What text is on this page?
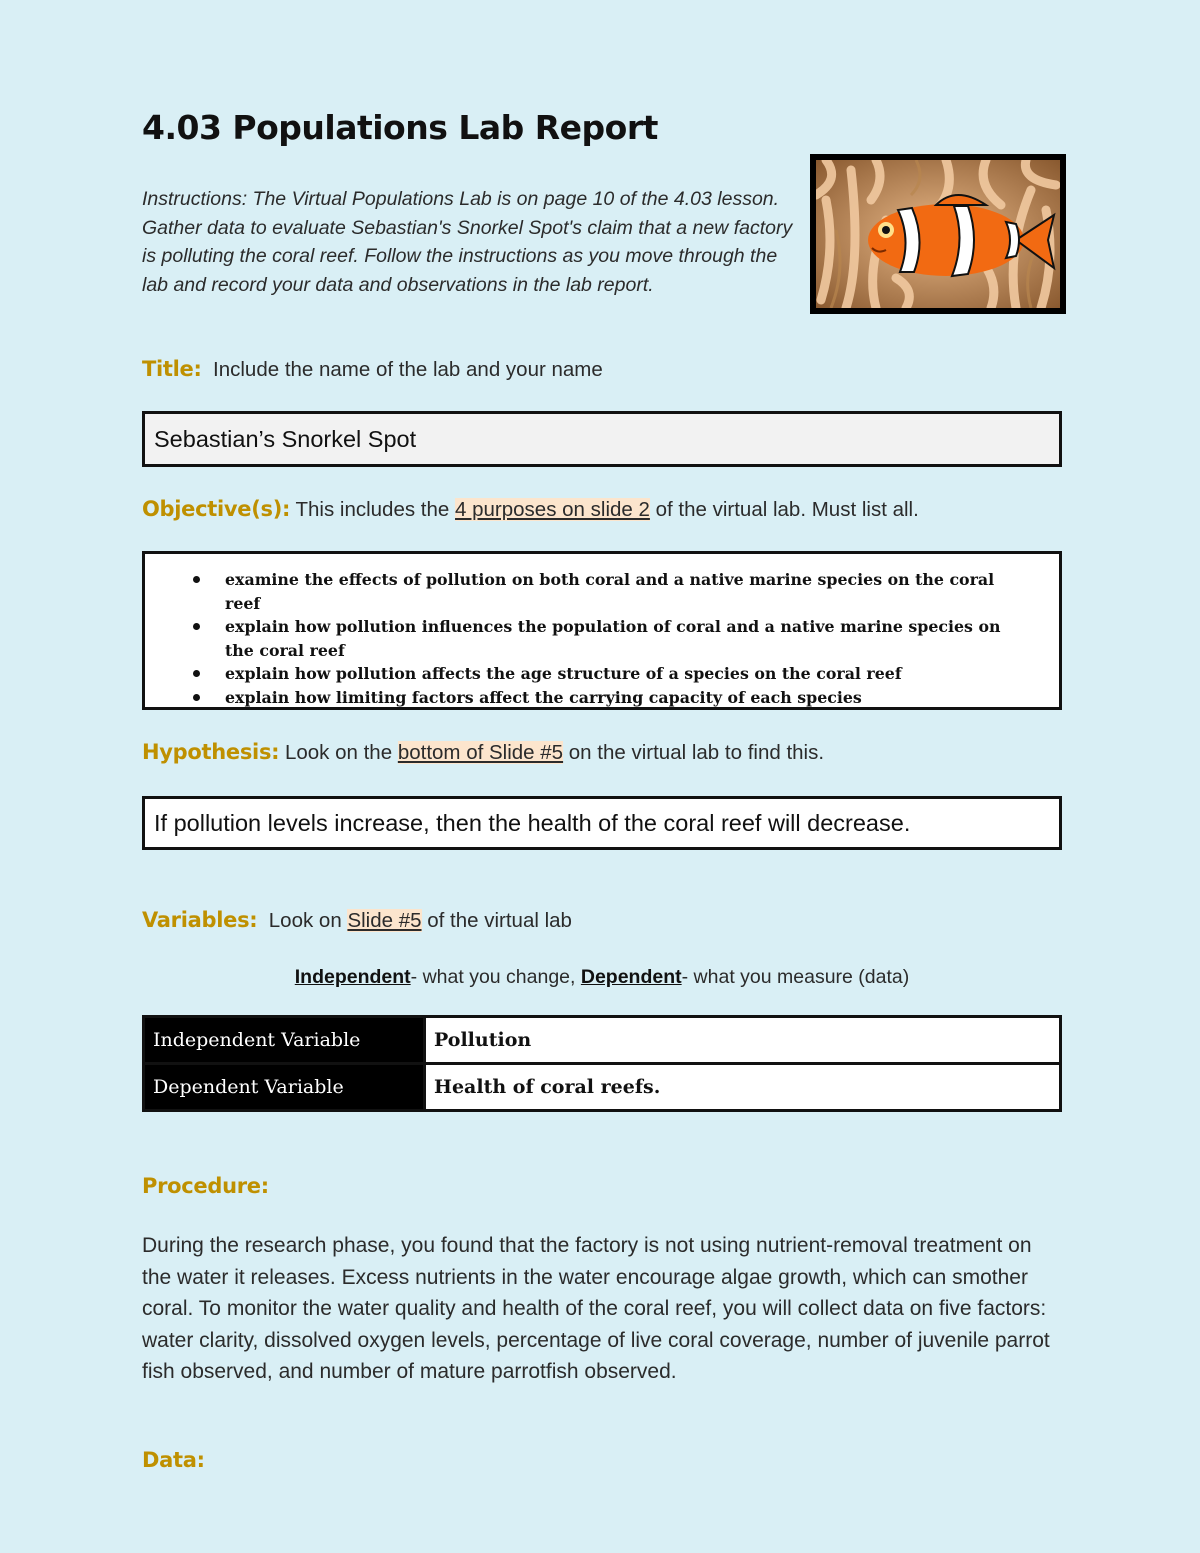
4.03 Populations Lab Report

Instructions: The Virtual Populations Lab is on page 10 of the 4.03 lesson. Gather data to evaluate Sebastian's Snorkel Spot's claim that a new factory is polluting the coral reef. Follow the instructions as you move through the lab and record your data and observations in the lab report.

Title: Include the name of the lab and your name
Sebastian’s Snorkel Spot
Objective(s): This includes the 4 purposes on slide 2 of the virtual lab. Must list all.
examine the effects of pollution on both coral and a native marine species on the coral reef
explain how pollution influences the population of coral and a native marine species on the coral reef
explain how pollution affects the age structure of a species on the coral reef
explain how limiting factors affect the carrying capacity of each species
Hypothesis: Look on the bottom of Slide #5 on the virtual lab to find this.
If pollution levels increase, then the health of the coral reef will decrease.
Variables: Look on Slide #5 of the virtual lab
Independent- what you change, Dependent- what you measure (data)
Independent Variable	Pollution
Dependent Variable	Health of coral reefs.
Procedure:

During the research phase, you found that the factory is not using nutrient-removal treatment on the water it releases. Excess nutrients in the water encourage algae growth, which can smother coral. To monitor the water quality and health of the coral reef, you will collect data on five factors: water clarity, dissolved oxygen levels, percentage of live coral coverage, number of juvenile parrot fish observed, and number of mature parrotfish observed.

Data:
